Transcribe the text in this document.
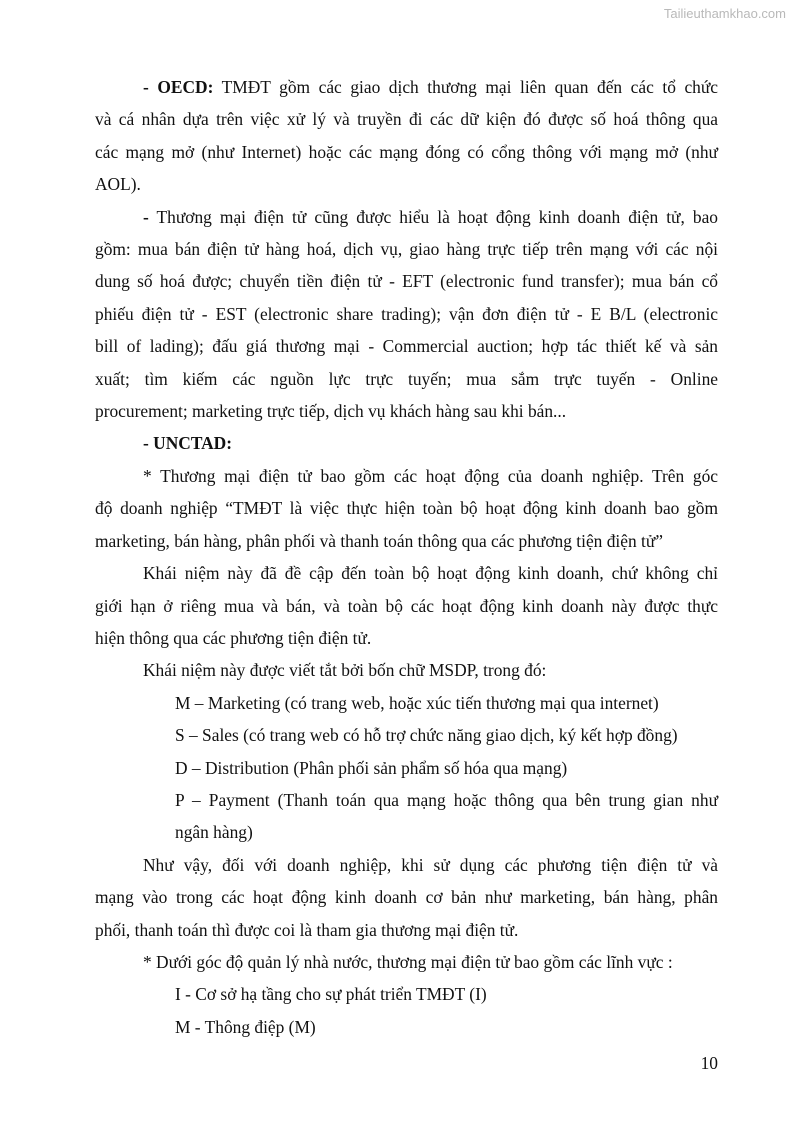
Tailieuthamkhao.com
- OECD: TMĐT gồm các giao dịch thương mại liên quan đến các tổ chức
và cá nhân dựa trên việc xử lý và truyền đi các dữ kiện đó được số hoá thông qua
các mạng mở (như Internet) hoặc các mạng đóng có cổng thông với mạng mở (như
AOL).
- Thương mại điện tử cũng được hiểu là hoạt động kinh doanh điện tử, bao
gồm: mua bán điện tử hàng hoá, dịch vụ, giao hàng trực tiếp trên mạng với các nội
dung số hoá được; chuyển tiền điện tử - EFT (electronic fund transfer); mua bán cổ
phiếu điện tử - EST (electronic share trading); vận đơn điện tử - E B/L (electronic
bill of lading); đấu giá thương mại - Commercial auction; hợp tác thiết kế và sản
xuất; tìm kiếm các nguồn lực trực tuyến; mua sắm trực tuyến - Online
procurement; marketing trực tiếp, dịch vụ khách hàng sau khi bán...
- UNCTAD:
* Thương mại điện tử bao gồm các hoạt động của doanh nghiệp. Trên góc
độ doanh nghiệp “TMĐT là việc thực hiện toàn bộ hoạt động kinh doanh bao gồm
marketing, bán hàng, phân phối và thanh toán thông qua các phương tiện điện tử”
Khái niệm này đã đề cập đến toàn bộ hoạt động kinh doanh, chứ không chỉ
giới hạn ở riêng mua và bán, và toàn bộ các hoạt động kinh doanh này được thực
hiện thông qua các phương tiện điện tử.
Khái niệm này được viết tắt bởi bốn chữ MSDP, trong đó:
M – Marketing (có trang web, hoặc xúc tiến thương mại qua internet)
S – Sales (có trang web có hỗ trợ chức năng giao dịch, ký kết hợp đồng)
D – Distribution (Phân phối sản phẩm số hóa qua mạng)
P – Payment (Thanh toán qua mạng hoặc thông qua bên trung gian như
ngân hàng)
Như vậy, đối với doanh nghiệp, khi sử dụng các phương tiện điện tử và
mạng vào trong các hoạt động kinh doanh cơ bản như marketing, bán hàng, phân
phối, thanh toán thì được coi là tham gia thương mại điện tử.
* Dưới góc độ quản lý nhà nước, thương mại điện tử bao gồm các lĩnh vực :
I - Cơ sở hạ tầng cho sự phát triển TMĐT (I)
M - Thông điệp (M)
10
